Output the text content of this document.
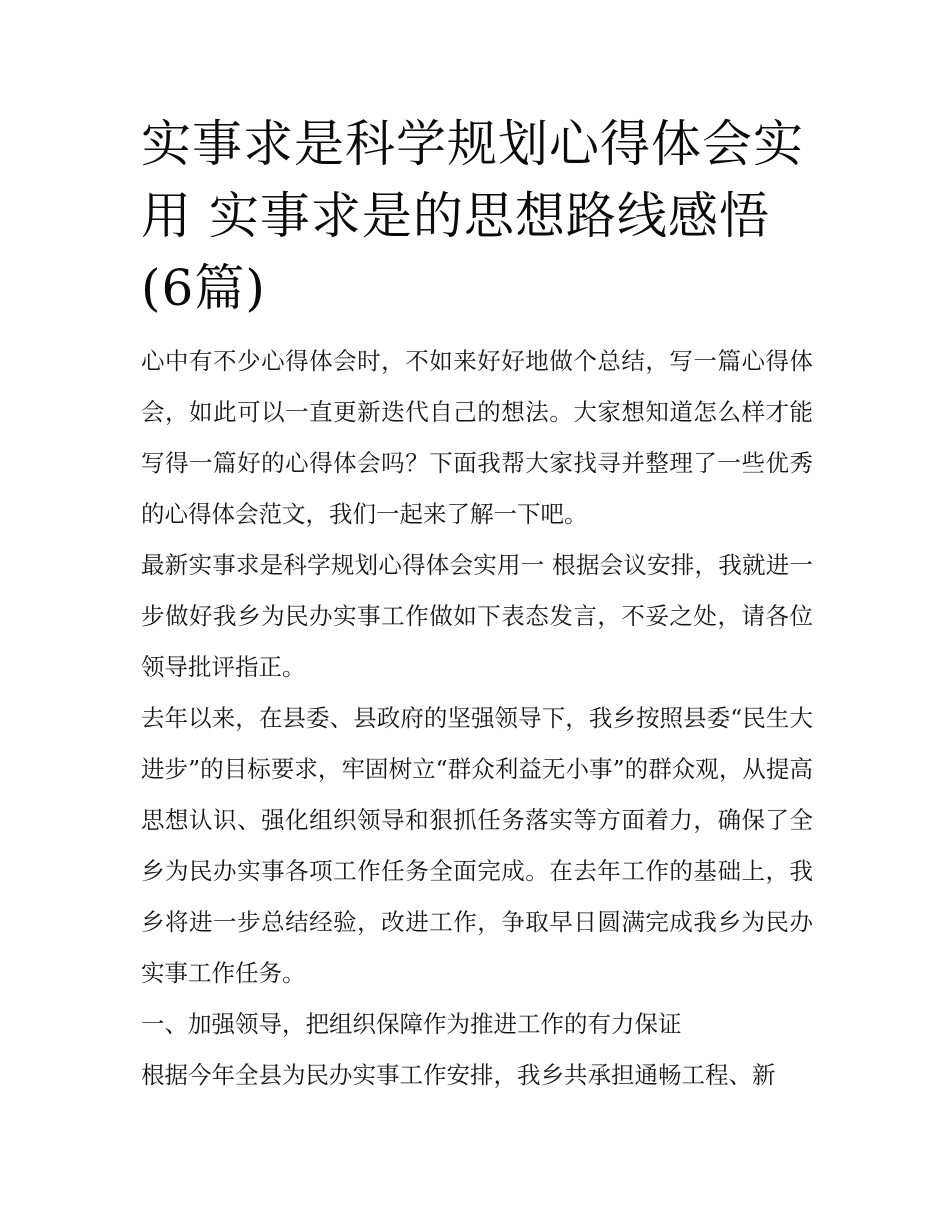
实事求是科学规划心得体会实用 实事求是的思想路线感悟(6篇)

心中有不少心得体会时，不如来好好地做个总结，写一篇心得体会，如此可以一直更新迭代自己的想法。大家想知道怎么样才能写得一篇好的心得体会吗？下面我帮大家找寻并整理了一些优秀的心得体会范文，我们一起来了解一下吧。

最新实事求是科学规划心得体会实用一 根据会议安排，我就进一步做好我乡为民办实事工作做如下表态发言，不妥之处，请各位领导批评指正。

去年以来，在县委、县政府的坚强领导下，我乡按照县委“民生大进步”的目标要求，牢固树立“群众利益无小事”的群众观，从提高思想认识、强化组织领导和狠抓任务落实等方面着力，确保了全乡为民办实事各项工作任务全面完成。在去年工作的基础上，我乡将进一步总结经验，改进工作，争取早日圆满完成我乡为民办实事工作任务。

一、加强领导，把组织保障作为推进工作的有力保证

根据今年全县为民办实事工作安排，我乡共承担通畅工程、新
